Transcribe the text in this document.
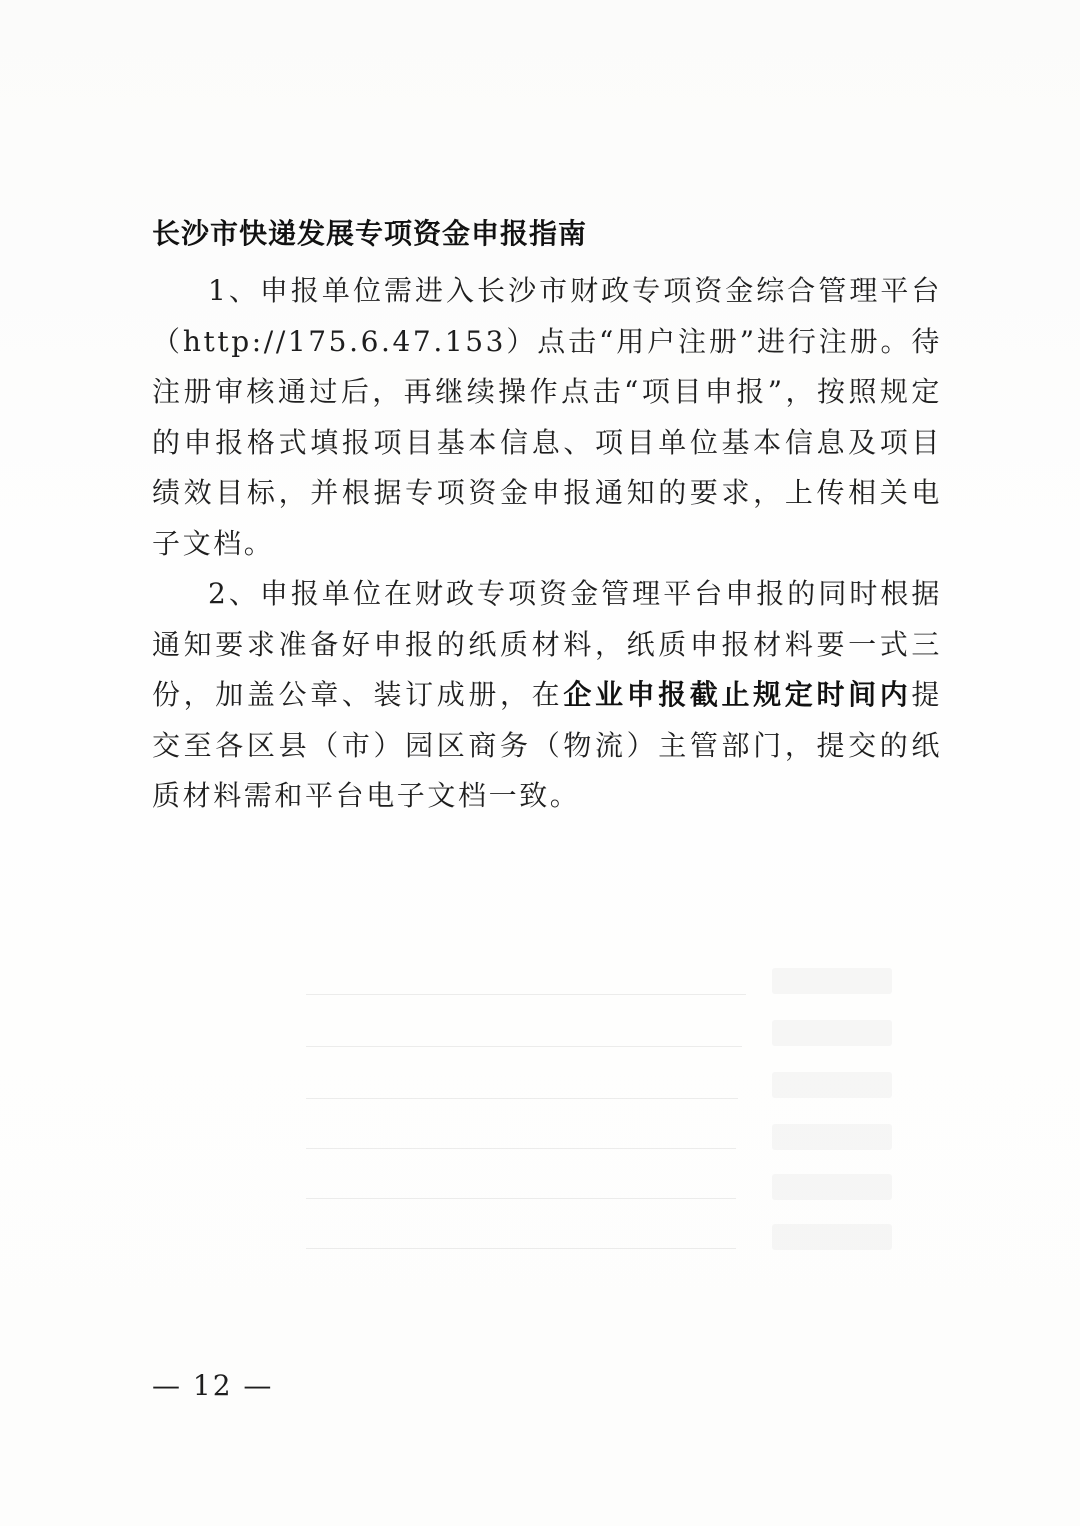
长沙市快递发展专项资金申报指南

1、申报单位需进入长沙市财政专项资金综合管理平台（http://175.6.47.153）点击“用户注册”进行注册。待注册审核通过后，再继续操作点击“项目申报”，按照规定的申报格式填报项目基本信息、项目单位基本信息及项目绩效目标，并根据专项资金申报通知的要求，上传相关电子文档。

2、申报单位在财政专项资金管理平台申报的同时根据通知要求准备好申报的纸质材料，纸质申报材料要一式三份，加盖公章、装订成册，在企业申报截止规定时间内提交至各区县（市）园区商务（物流）主管部门，提交的纸质材料需和平台电子文档一致。

— 12 —
